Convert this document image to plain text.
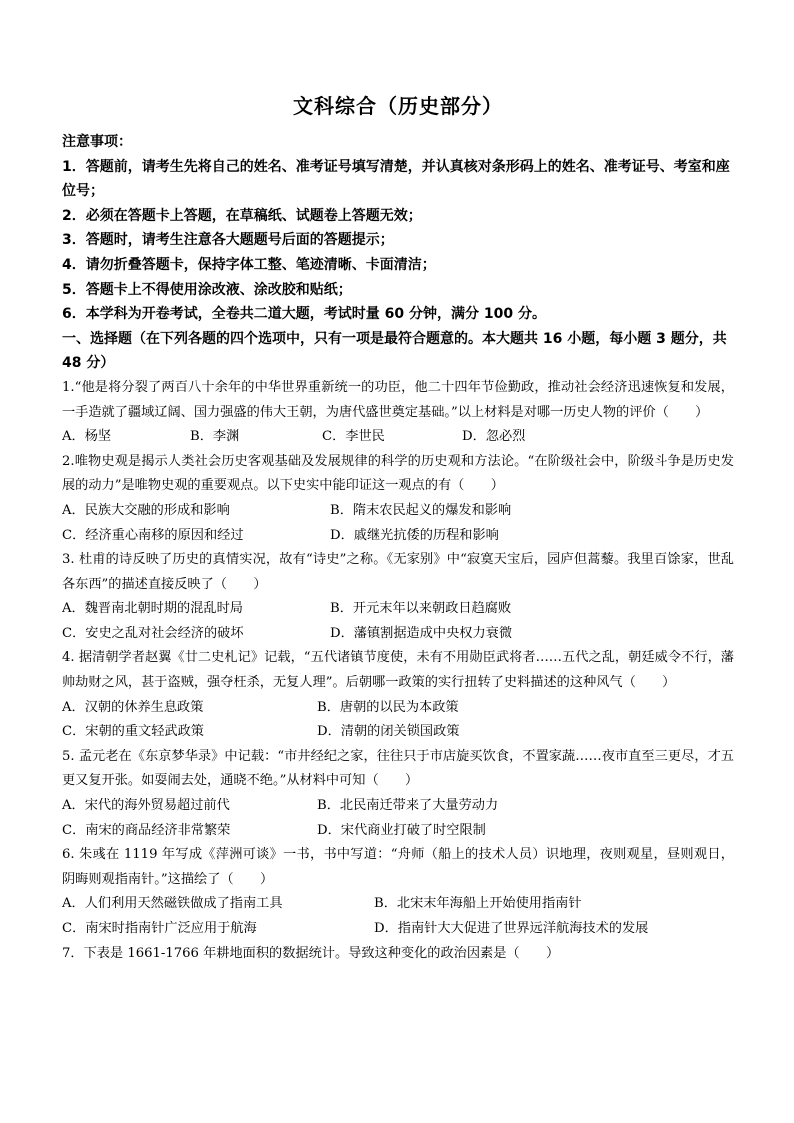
文科综合（历史部分）

注意事项：

1．答题前，请考生先将自己的姓名、准考证号填写清楚，并认真核对条形码上的姓名、准考证号、考室和座位号；

2．必须在答题卡上答题，在草稿纸、试题卷上答题无效；

3．答题时，请考生注意各大题题号后面的答题提示；

4．请勿折叠答题卡，保持字体工整、笔迹清晰、卡面清洁；

5．答题卡上不得使用涂改液、涂改胶和贴纸；

6．本学科为开卷考试，全卷共二道大题，考试时量 60 分钟，满分 100 分。

一、选择题（在下列各题的四个选项中，只有一项是最符合题意的。本大题共 16 小题，每小题 3 题分，共 48 分）

1.“他是将分裂了两百八十余年的中华世界重新统一的功臣，他二十四年节俭勤政，推动社会经济迅速恢复和发展，一手造就了疆域辽阔、国力强盛的伟大王朝，为唐代盛世奠定基础。”以上材料是对哪一历史人物的评价（　　）

A．杨坚	B．李渊	C．李世民	D．忽必烈

2.唯物史观是揭示人类社会历史客观基础及发展规律的科学的历史观和方法论。“在阶级社会中，阶级斗争是历史发展的动力”是唯物史观的重要观点。以下史实中能印证这一观点的有（　　）

A．民族大交融的形成和影响	B．隋末农民起义的爆发和影响
C．经济重心南移的原因和经过	D．戚继光抗倭的历程和影响

3. 杜甫的诗反映了历史的真情实况，故有“诗史”之称。《无家别》中“寂寞天宝后，园庐但蒿藜。我里百馀家，世乱各东西”的描述直接反映了（　　）

A．魏晋南北朝时期的混乱时局	B．开元末年以来朝政日趋腐败
C．安史之乱对社会经济的破坏	D．藩镇割据造成中央权力衰微

4. 据清朝学者赵翼《廿二史札记》记载，“五代诸镇节度使，未有不用勋臣武将者……五代之乱，朝廷威令不行，藩帅劫财之风，甚于盗贼，强夺枉杀，无复人理”。后朝哪一政策的实行扭转了史料描述的这种风气（　　）

A．汉朝的休养生息政策	B．唐朝的以民为本政策
C．宋朝的重文轻武政策	D．清朝的闭关锁国政策

5. 孟元老在《东京梦华录》中记载：“市井经纪之家，往往只于市店旋买饮食，不置家蔬……夜市直至三更尽，才五更又复开张。如耍闹去处，通晓不绝。”从材料中可知（　　）

A．宋代的海外贸易超过前代	B．北民南迁带来了大量劳动力
C．南宋的商品经济非常繁荣	D．宋代商业打破了时空限制

6. 朱彧在 1119 年写成《萍洲可谈》一书，书中写道：“舟师（船上的技术人员）识地理，夜则观星，昼则观日，阴晦则观指南针。”这描绘了（　　）

A．人们利用天然磁铁做成了指南工具	B．北宋末年海船上开始使用指南针
C．南宋时指南针广泛应用于航海	D．指南针大大促进了世界远洋航海技术的发展

7．下表是 1661-1766 年耕地面积的数据统计。导致这种变化的政治因素是（　　）
